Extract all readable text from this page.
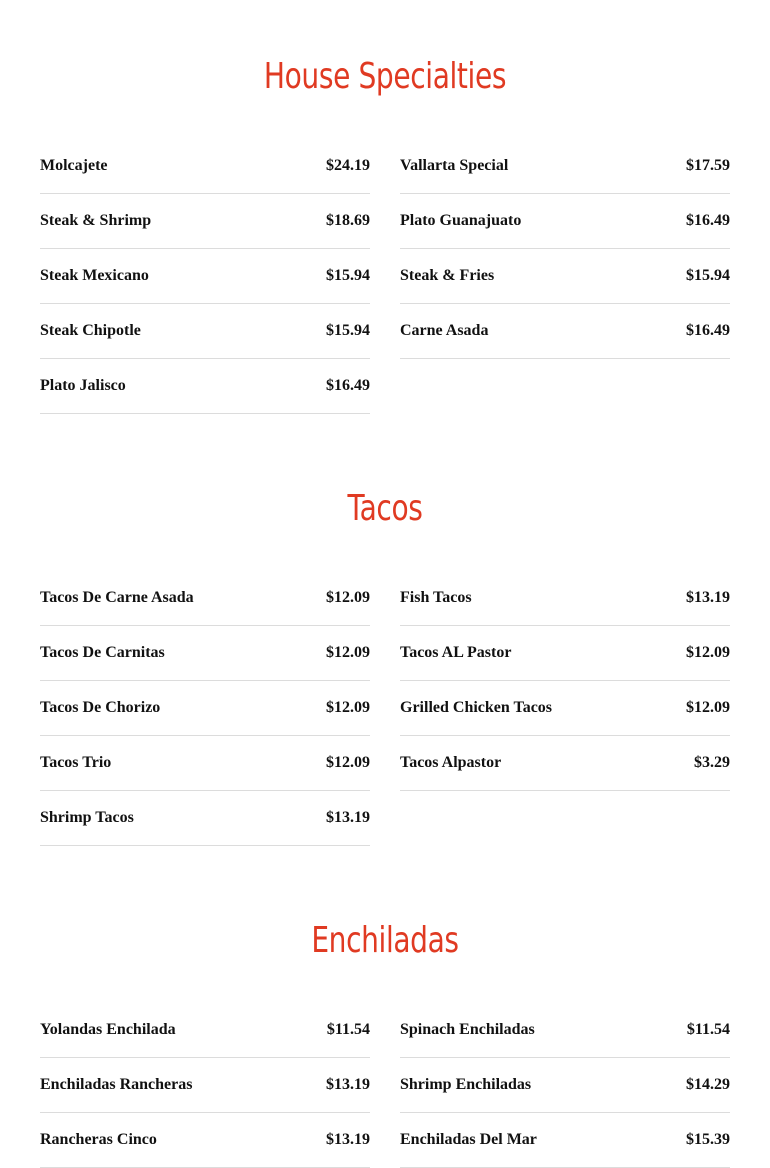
House Specialties
Molcajete	$24.19
Steak & Shrimp	$18.69
Steak Mexicano	$15.94
Steak Chipotle	$15.94
Plato Jalisco	$16.49
Vallarta Special	$17.59
Plato Guanajuato	$16.49
Steak & Fries	$15.94
Carne Asada	$16.49
Tacos
Tacos De Carne Asada	$12.09
Tacos De Carnitas	$12.09
Tacos De Chorizo	$12.09
Tacos Trio	$12.09
Shrimp Tacos	$13.19
Fish Tacos	$13.19
Tacos AL Pastor	$12.09
Grilled Chicken Tacos	$12.09
Tacos Alpastor	$3.29
Enchiladas
Yolandas Enchilada	$11.54
Enchiladas Rancheras	$13.19
Rancheras Cinco	$13.19
Spinach Enchiladas	$11.54
Shrimp Enchiladas	$14.29
Enchiladas Del Mar	$15.39
